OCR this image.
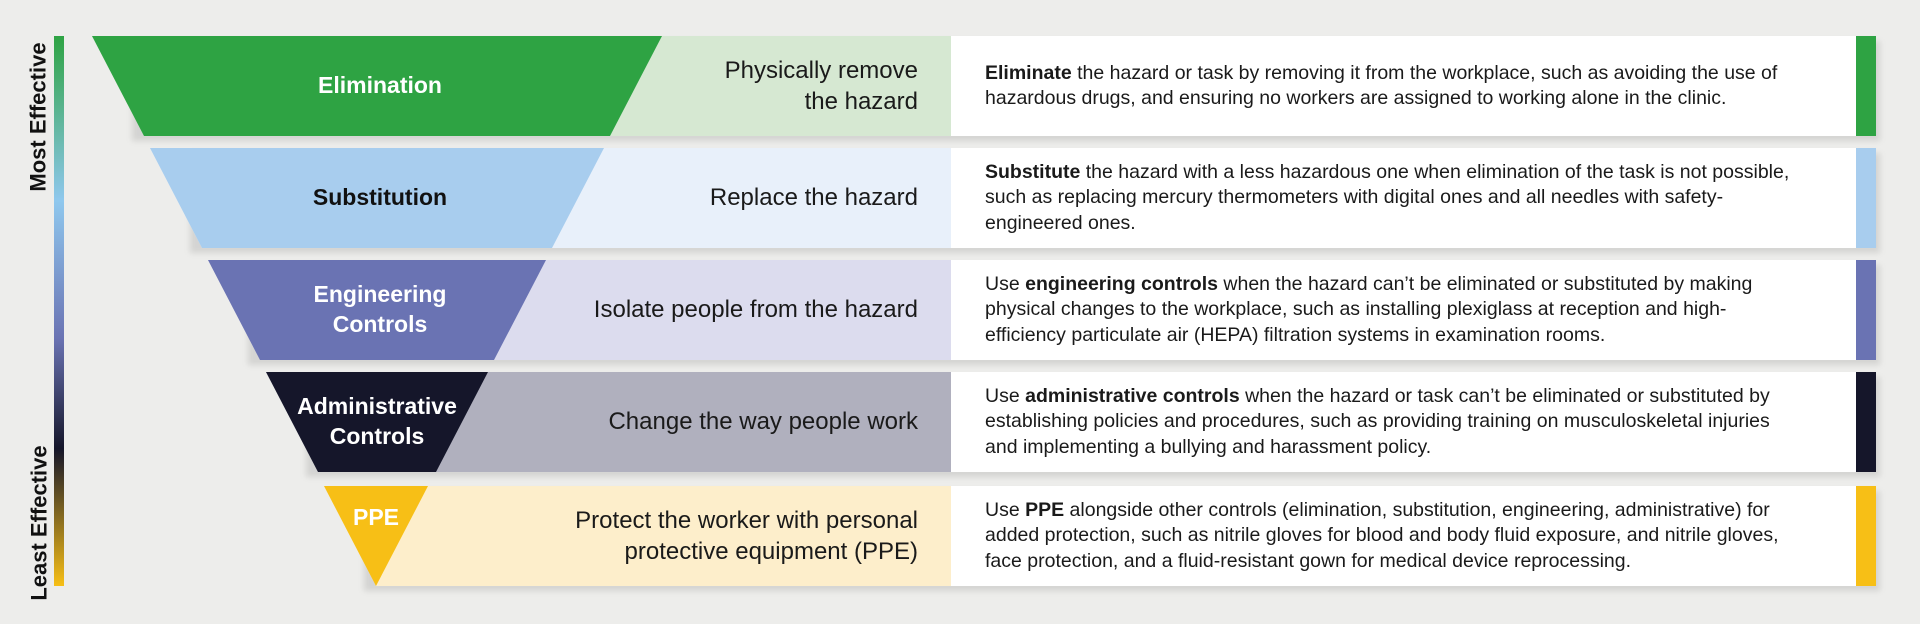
Most Effective
Least Effective
Elimination
Physically remove
the hazard
Eliminate the hazard or task by removing it from the workplace, such as avoiding the use of hazardous drugs, and ensuring no workers are assigned to working alone in the clinic.
Substitution	Replace the hazard
Substitute the hazard with a less hazardous one when elimination of the task is not possible, such as replacing mercury thermometers with digital ones and all needles with safety-engineered ones.
Engineering
Controls
Isolate people from the hazard
Use engineering controls when the hazard can’t be eliminated or substituted by making physical changes to the workplace, such as installing plexiglass at reception and high-efficiency particulate air (HEPA) filtration systems in examination rooms.
Administrative
Controls
Change the way people work
Use administrative controls when the hazard or task can’t be eliminated or substituted by establishing policies and procedures, such as providing training on musculoskeletal injuries and implementing a bullying and harassment policy.
PPE	Protect the worker with personal
protective equipment (PPE)
Use PPE alongside other controls (elimination, substitution, engineering, administrative) for added protection, such as nitrile gloves for blood and body fluid exposure, and nitrile gloves, face protection, and a fluid-resistant gown for medical device reprocessing.
